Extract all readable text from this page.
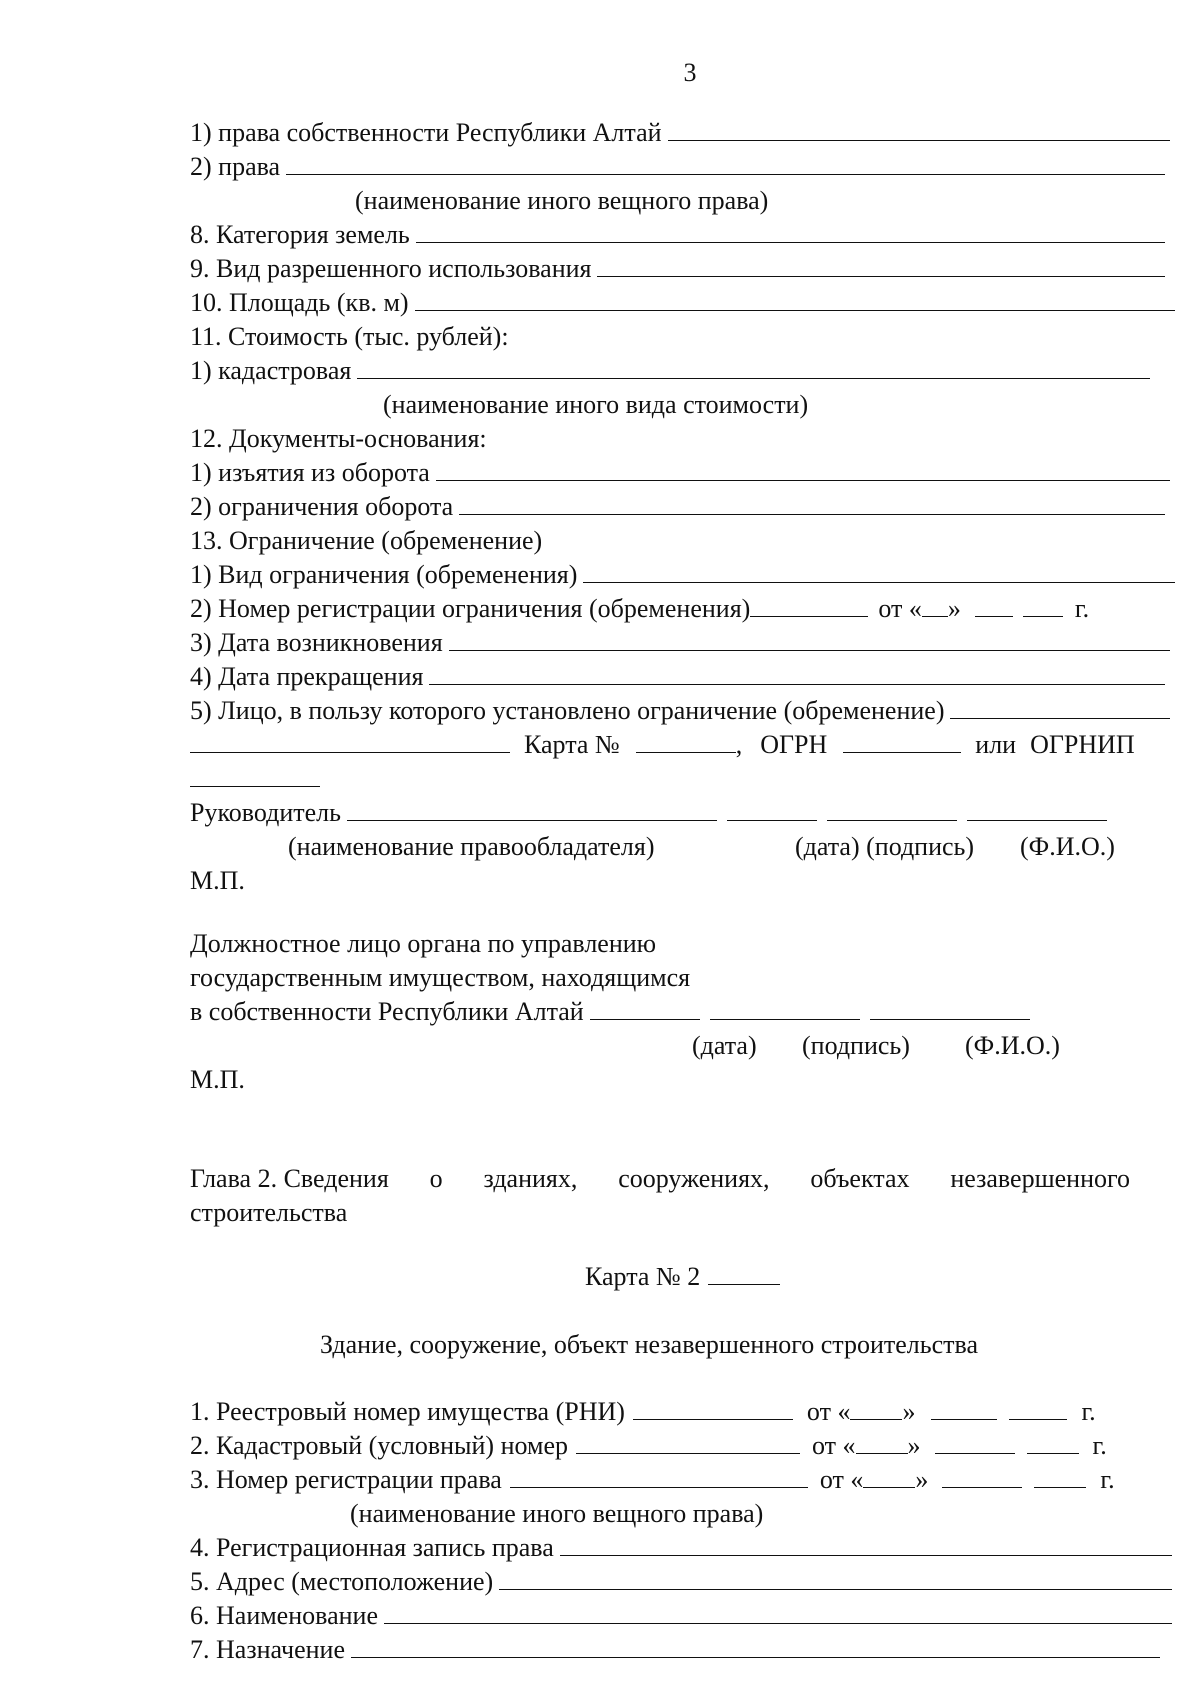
3
1) права собственности Республики Алтай
2) права
(наименование иного вещного права)
8. Категория земель
9. Вид разрешенного использования
10. Площадь (кв. м)
11. Стоимость (тыс. рублей):
1) кадастровая
(наименование иного вида стоимости)
12. Документы-основания:
1) изъятия из оборота
2) ограничения оборота
13. Ограничение (обременение)
1) Вид ограничения (обременения)
2) Номер регистрации ограничения (обременения)	от « »	г.
3) Дата возникновения
4) Дата прекращения
5) Лицо, в пользу которого установлено ограничение (обременение)
Карта №	, ОГРН	или ОГРНИП
Руководитель
(наименование правообладателя)	(дата) (подпись)	(Ф.И.О.)
М.П.
Должностное лицо органа по управлению
государственным имуществом, находящимся
в собственности Республики Алтай
(дата)	(подпись)	(Ф.И.О.)
М.П.
Глава 2. Сведения о зданиях, сооружениях, объектах незавершенного
строительства
Карта № 2
Здание, сооружение, объект незавершенного строительства
1. Реестровый номер имущества (РНИ)	от « »	г.
2. Кадастровый (условный) номер	от « »	г.
3. Номер регистрации права	от « »	г.
(наименование иного вещного права)
4. Регистрационная запись права
5. Адрес (местоположение)
6. Наименование
7. Назначение
